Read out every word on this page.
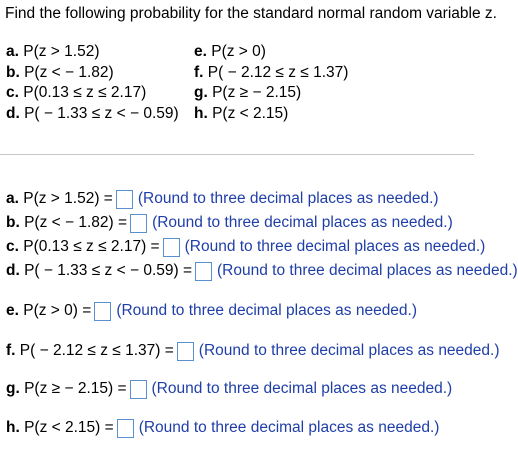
Find the following probability for the standard normal random variable z.
a. P(z > 1.52)	e. P(z > 0)
b. P(z < − 1.82)	f. P( − 2.12 ≤ z ≤ 1.37)
c. P(0.13 ≤ z ≤ 2.17)	g. P(z ≥ − 2.15)
d. P( − 1.33 ≤ z < − 0.59) h. P(z < 2.15)
a.
P(z > 1.52) = (Round to three decimal places as needed.)
b.
P(z < − 1.82) = (Round to three decimal places as needed.)
c.
P(0.13 ≤ z ≤ 2.17) = (Round to three decimal places as needed.)
d.
P( − 1.33 ≤ z < − 0.59) = (Round to three decimal places as needed.)
e.
P(z > 0) = (Round to three decimal places as needed.)
f.
P( − 2.12 ≤ z ≤ 1.37) = (Round to three decimal places as needed.)
g.
P(z ≥ − 2.15) = (Round to three decimal places as needed.)
h.
P(z < 2.15) = (Round to three decimal places as needed.)
